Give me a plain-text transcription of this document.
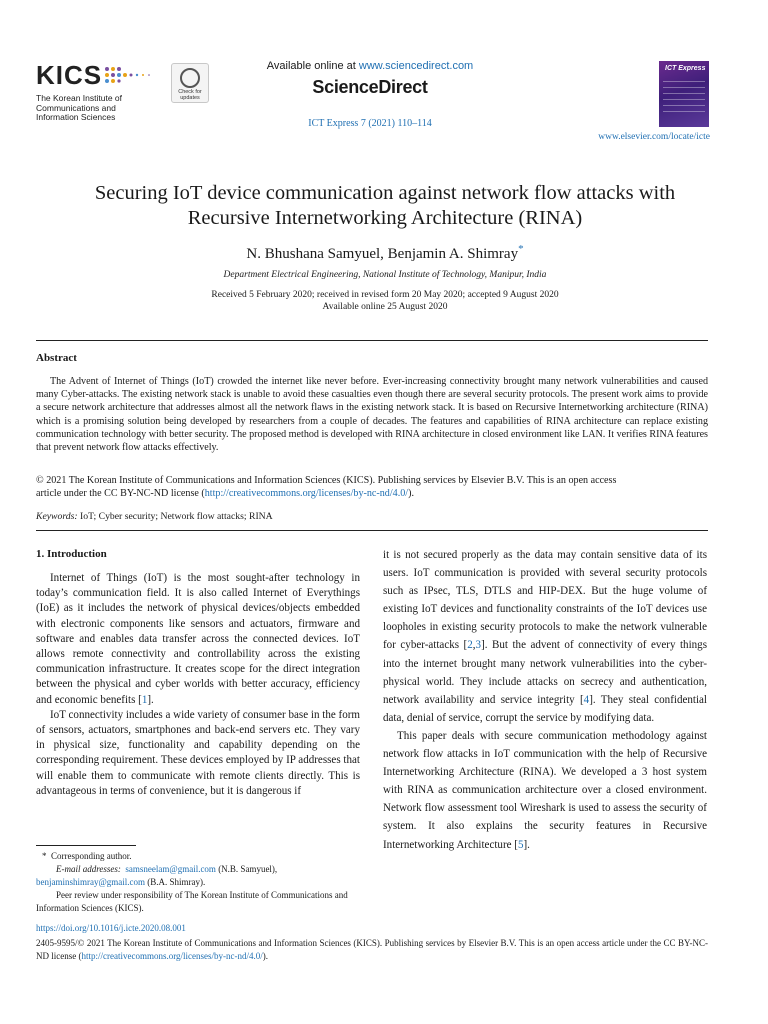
KICS
The Korean Institute of
Communications and
Information Sciences
Check for updates
Available online at www.sciencedirect.com
ScienceDirect
ICT Express 7 (2021) 110–114
ICT Express
www.elsevier.com/locate/icte
Securing IoT device communication against network flow attacks with
Recursive Internetworking Architecture (RINA)
N. Bhushana Samyuel, Benjamin A. Shimray*
Department Electrical Engineering, National Institute of Technology, Manipur, India
Received 5 February 2020; received in revised form 20 May 2020; accepted 9 August 2020
Available online 25 August 2020
Abstract
The Advent of Internet of Things (IoT) crowded the internet like never before. Ever-increasing connectivity brought many network vulnerabilities and caused many Cyber-attacks. The existing network stack is unable to avoid these casualties even though there are several security protocols. The present work aims to provide a secure network architecture that addresses almost all the network flaws in the existing network stack. It is based on Recursive Internetworking architecture (RINA) which is a promising solution being developed by researchers from a couple of decades. The features and capabilities of RINA architecture can replace existing communication technology with better security. The proposed method is developed with RINA architecture in closed environment like LAN. It verifies RINA features that prevent network flow attacks effectively.
© 2021 The Korean Institute of Communications and Information Sciences (KICS). Publishing services by Elsevier B.V. This is an open access
article under the CC BY-NC-ND license (http://creativecommons.org/licenses/by-nc-nd/4.0/).
Keywords: IoT; Cyber security; Network flow attacks; RINA
1. Introduction

Internet of Things (IoT) is the most sought-after technology in today’s communication field. It is also called Internet of Everythings (IoE) as it includes the network of physical devices/objects embedded with electronic components like sensors and actuators, firmware and software and enables data transfer across the connected devices. IoT allows remote connectivity and controllability across the existing communication infrastructure. It creates scope for the direct integration between the physical and cyber worlds with better accuracy, efficiency and economic benefits [1].

IoT connectivity includes a wide variety of consumer base in the form of sensors, actuators, smartphones and back-end servers etc. They vary in physical size, functionality and capability depending on the corresponding requirement. These devices employed by IP addresses that will enable them to communicate with remote clients directly. This is advantageous in terms of convenience, but it is dangerous if

it is not secured properly as the data may contain sensitive data of its users. IoT communication is provided with several security protocols such as IPsec, TLS, DTLS and HIP-DEX. But the huge volume of existing IoT devices and functionality constraints of the IoT devices use loopholes in existing security protocols to make the network vulnerable for cyber-attacks [2,3]. But the advent of connectivity of every things into the internet brought many network vulnerabilities into the cyber-physical world. They include attacks on secrecy and authentication, network availability and service integrity [4]. They steal confidential data, denial of service, corrupt the service by modifying data.

This paper deals with secure communication methodology against network flow attacks in IoT communication with the help of Recursive Internetworking Architecture (RINA). We developed a 3 host system with RINA as communication architecture over a closed environment. Network flow assessment tool Wireshark is used to assess the security of system. It also explains the security features in Recursive Internetworking Architecture [5].

* Corresponding author.
E-mail addresses: samsneelam@gmail.com (N.B. Samyuel),
benjaminshimray@gmail.com (B.A. Shimray).
Peer review under responsibility of The Korean Institute of Communications and Information Sciences (KICS).
https://doi.org/10.1016/j.icte.2020.08.001
2405-9595/© 2021 The Korean Institute of Communications and Information Sciences (KICS). Publishing services by Elsevier B.V. This is an open access article under the CC BY-NC-ND license (http://creativecommons.org/licenses/by-nc-nd/4.0/).
